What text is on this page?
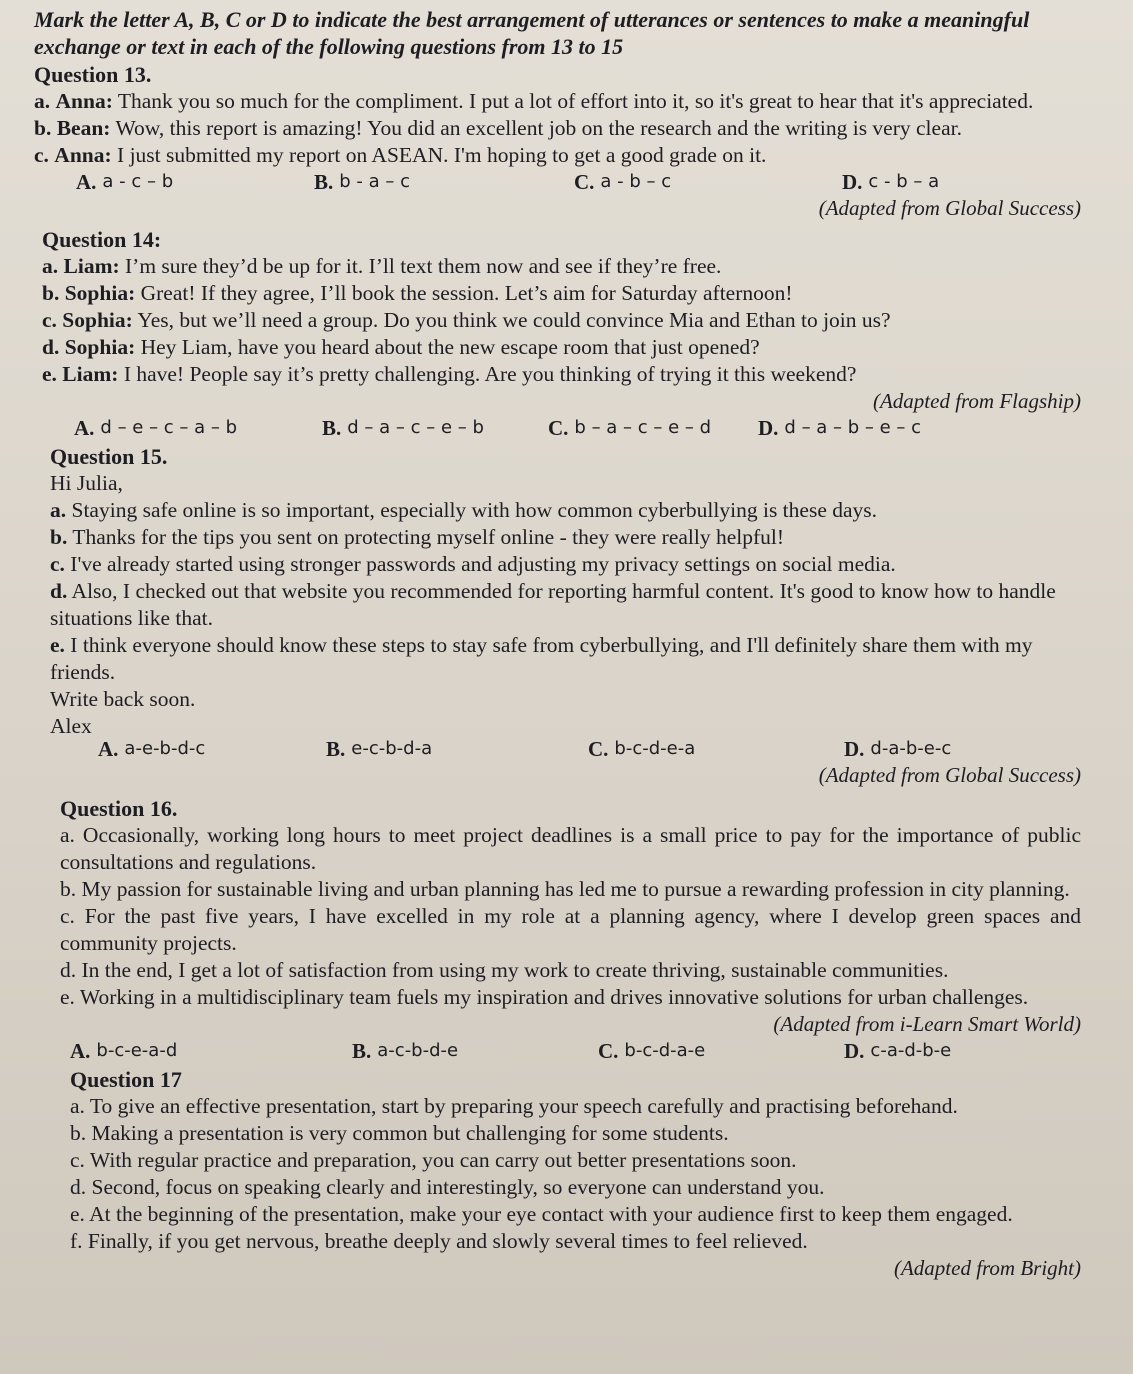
Mark the letter A, B, C or D to indicate the best arrangement of utterances or sentences to make a meaningful exchange or text in each of the following questions from 13 to 15
Question 13.
a. Anna: Thank you so much for the compliment. I put a lot of effort into it, so it's great to hear that it's appreciated.
b. Bean: Wow, this report is amazing! You did an excellent job on the research and the writing is very clear.
c. Anna: I just submitted my report on ASEAN. I'm hoping to get a good grade on it.
A. a - c – b	B. b - a – c	C. a - b – c	D. c - b – a
(Adapted from Global Success)
Question 14:
a. Liam: I’m sure they’d be up for it. I’ll text them now and see if they’re free.
b. Sophia: Great! If they agree, I’ll book the session. Let’s aim for Saturday afternoon!
c. Sophia: Yes, but we’ll need a group. Do you think we could convince Mia and Ethan to join us?
d. Sophia: Hey Liam, have you heard about the new escape room that just opened?
e. Liam: I have! People say it’s pretty challenging. Are you thinking of trying it this weekend?
(Adapted from Flagship)
A. d – e – c – a – b	B. d – a – c – e – b	C. b – a – c – e – d D. d – a – b – e – c
Question 15.
Hi Julia,
a. Staying safe online is so important, especially with how common cyberbullying is these days.
b. Thanks for the tips you sent on protecting myself online - they were really helpful!
c. I've already started using stronger passwords and adjusting my privacy settings on social media.
d. Also, I checked out that website you recommended for reporting harmful content. It's good to know how to handle situations like that.
e. I think everyone should know these steps to stay safe from cyberbullying, and I'll definitely share them with my friends.
Write back soon.
Alex
A. a-e-b-d-c	B. e-c-b-d-a	C. b-c-d-e-a	D. d-a-b-e-c
(Adapted from Global Success)
Question 16.
a. Occasionally, working long hours to meet project deadlines is a small price to pay for the importance of public consultations and regulations.
b. My passion for sustainable living and urban planning has led me to pursue a rewarding profession in city planning.
c. For the past five years, I have excelled in my role at a planning agency, where I develop green spaces and community projects.
d. In the end, I get a lot of satisfaction from using my work to create thriving, sustainable communities.
e. Working in a multidisciplinary team fuels my inspiration and drives innovative solutions for urban challenges.
(Adapted from i-Learn Smart World)
A. b-c-e-a-d	B. a-c-b-d-e	C. b-c-d-a-e	D. c-a-d-b-e
Question 17
a. To give an effective presentation, start by preparing your speech carefully and practising beforehand.
b. Making a presentation is very common but challenging for some students.
c. With regular practice and preparation, you can carry out better presentations soon.
d. Second, focus on speaking clearly and interestingly, so everyone can understand you.
e. At the beginning of the presentation, make your eye contact with your audience first to keep them engaged.
f. Finally, if you get nervous, breathe deeply and slowly several times to feel relieved.
(Adapted from Bright)
